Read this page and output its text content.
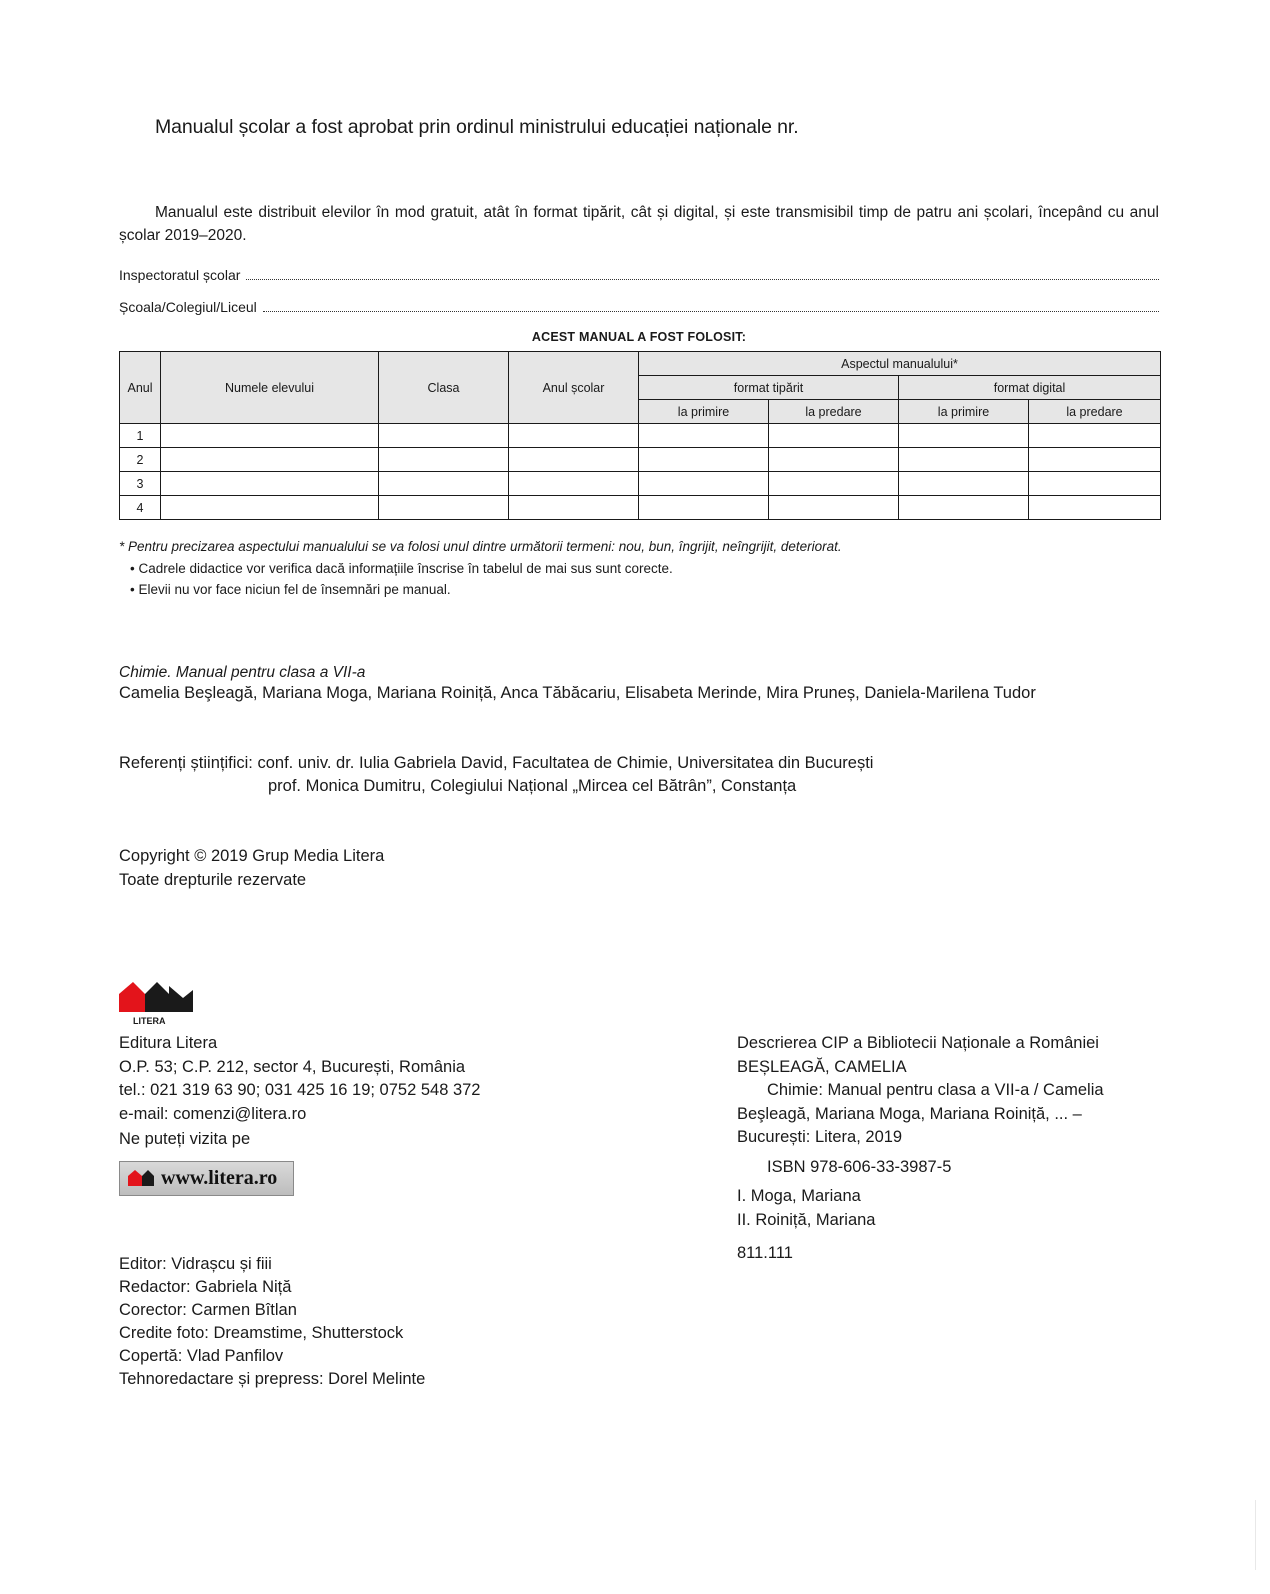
Manualul școlar a fost aprobat prin ordinul ministrului educației naționale nr.
Manualul este distribuit elevilor în mod gratuit, atât în format tipărit, cât și digital, și este transmisibil timp de patru ani școlari, începând cu anul școlar 2019–2020.
Inspectoratul școlar
Școala/Colegiul/Liceul
ACEST MANUAL A FOST FOLOSIT:
Anul	Numele elevului	Clasa	Anul școlar	Aspectul manualului*			
				format tipărit		format digital	
				la primire	la predare	la primire	la predare
1							
2							
3							
4							
* Pentru precizarea aspectului manualului se va folosi unul dintre următorii termeni: nou, bun, îngrijit, neîngrijit, deteriorat.
• Cadrele didactice vor verifica dacă informațiile înscrise în tabelul de mai sus sunt corecte.
• Elevii nu vor face niciun fel de însemnări pe manual.
Chimie. Manual pentru clasa a VII-a
Camelia Beşleagă, Mariana Moga, Mariana Roiniță, Anca Tăbăcariu, Elisabeta Merinde, Mira Pruneș, Daniela-Marilena Tudor
Referenți științifici: conf. univ. dr. Iulia Gabriela David, Facultatea de Chimie, Universitatea din București
prof. Monica Dumitru, Colegiului Național „Mircea cel Bătrân”, Constanța
Copyright © 2019 Grup Media Litera
Toate drepturile rezervate
LITERA
Editura Litera
O.P. 53; C.P. 212, sector 4, București, România
tel.: 021 319 63 90; 031 425 16 19; 0752 548 372
e-mail: comenzi@litera.ro
Ne puteți vizita pe
www.litera.ro
Editor: Vidrașcu și fiii
Redactor: Gabriela Niță
Corector: Carmen Bîtlan
Credite foto: Dreamstime, Shutterstock
Copertă: Vlad Panfilov
Tehnoredactare și prepress: Dorel Melinte
Descrierea CIP a Bibliotecii Naționale a României
BEȘLEAGĂ, CAMELIA
Chimie: Manual pentru clasa a VII-a / Camelia
Beşleagă, Mariana Moga, Mariana Roiniță, ... –
București: Litera, 2019
ISBN 978-606-33-3987-5
I. Moga, Mariana
II. Roiniță, Mariana
811.111
